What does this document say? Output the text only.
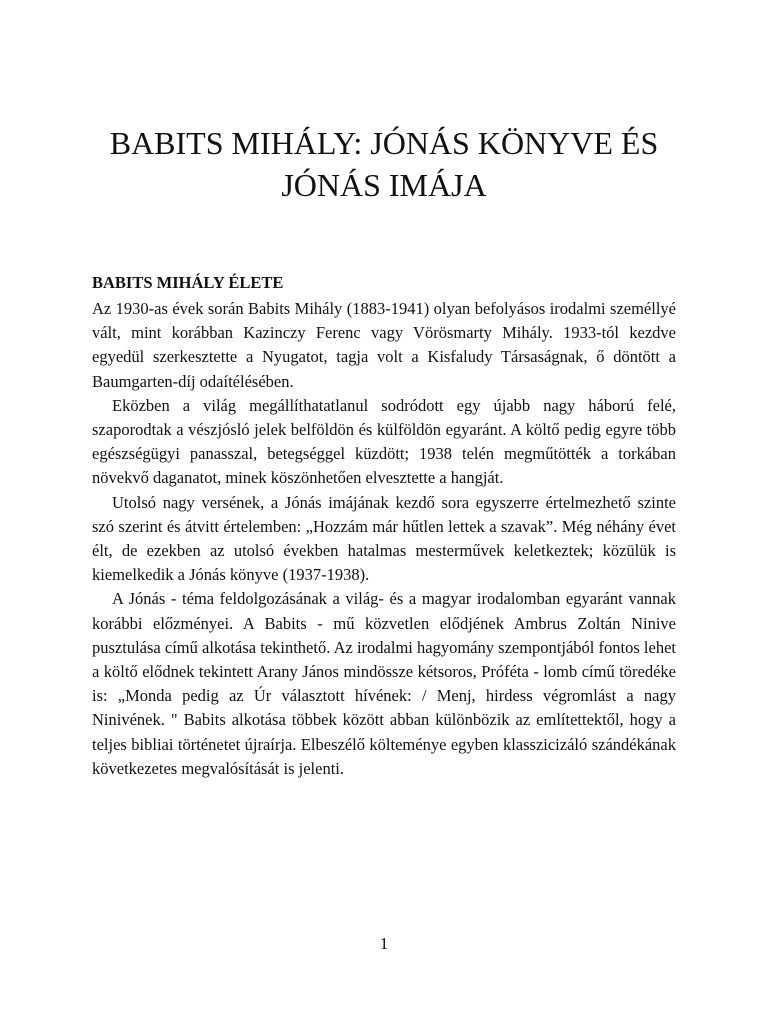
BABITS MIHÁLY: JÓNÁS KÖNYVE ÉS
JÓNÁS IMÁJA
BABITS MIHÁLY ÉLETE

Az 1930-as évek során Babits Mihály (1883-1941) olyan befolyásos irodalmi személlyé vált, mint korábban Kazinczy Ferenc vagy Vörösmarty Mihály. 1933-tól kezdve egyedül szerkesztette a Nyugatot, tagja volt a Kisfaludy Társaságnak, ő döntött a Baumgarten-díj odaítélésében.

Eközben a világ megállíthatatlanul sodródott egy újabb nagy háború felé, szaporodtak a vészjósló jelek belföldön és külföldön egyaránt. A költő pedig egyre több egészségügyi panasszal, betegséggel küzdött; 1938 telén megműtötték a torkában növekvő daganatot, minek köszönhetően elvesztette a hangját.

Utolsó nagy versének, a Jónás imájának kezdő sora egyszerre értelmezhető szinte szó szerint és átvitt értelemben: „Hozzám már hűtlen lettek a szavak”. Még néhány évet élt, de ezekben az utolsó években hatalmas mesterművek keletkeztek; közülük is kiemelkedik a Jónás könyve (1937-1938).

A Jónás - téma feldolgozásának a világ- és a magyar irodalomban egyaránt vannak korábbi előzményei. A Babits - mű közvetlen elődjének Ambrus Zoltán Ninive pusztulása című alkotása tekinthető. Az irodalmi hagyomány szempontjából fontos lehet a költő elődnek tekintett Arany János mindössze kétsoros, Próféta - lomb című töredéke is: „Monda pedig az Úr választott hívének: / Menj, hirdess végromlást a nagy Ninivének. " Babits alkotása többek között abban különbözik az említettektől, hogy a teljes bibliai történetet újraírja. Elbeszélő költeménye egyben klasszicizáló szándékának következetes megvalósítását is jelenti.

1
